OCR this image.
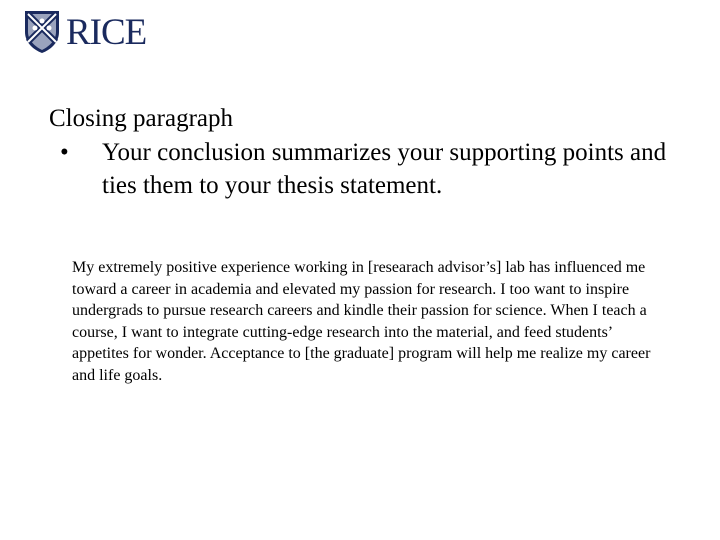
RICE
Closing paragraph
•	Your conclusion summarizes your supporting points and ties them to your thesis statement.
My extremely positive experience working in [researach advisor’s] lab has influenced me toward a career in academia and elevated my passion for research. I too want to inspire undergrads to pursue research careers and kindle their passion for science. When I teach a course, I want to integrate cutting-edge research into the material, and feed students’ appetites for wonder. Acceptance to [the graduate] program will help me realize my career and life goals.
